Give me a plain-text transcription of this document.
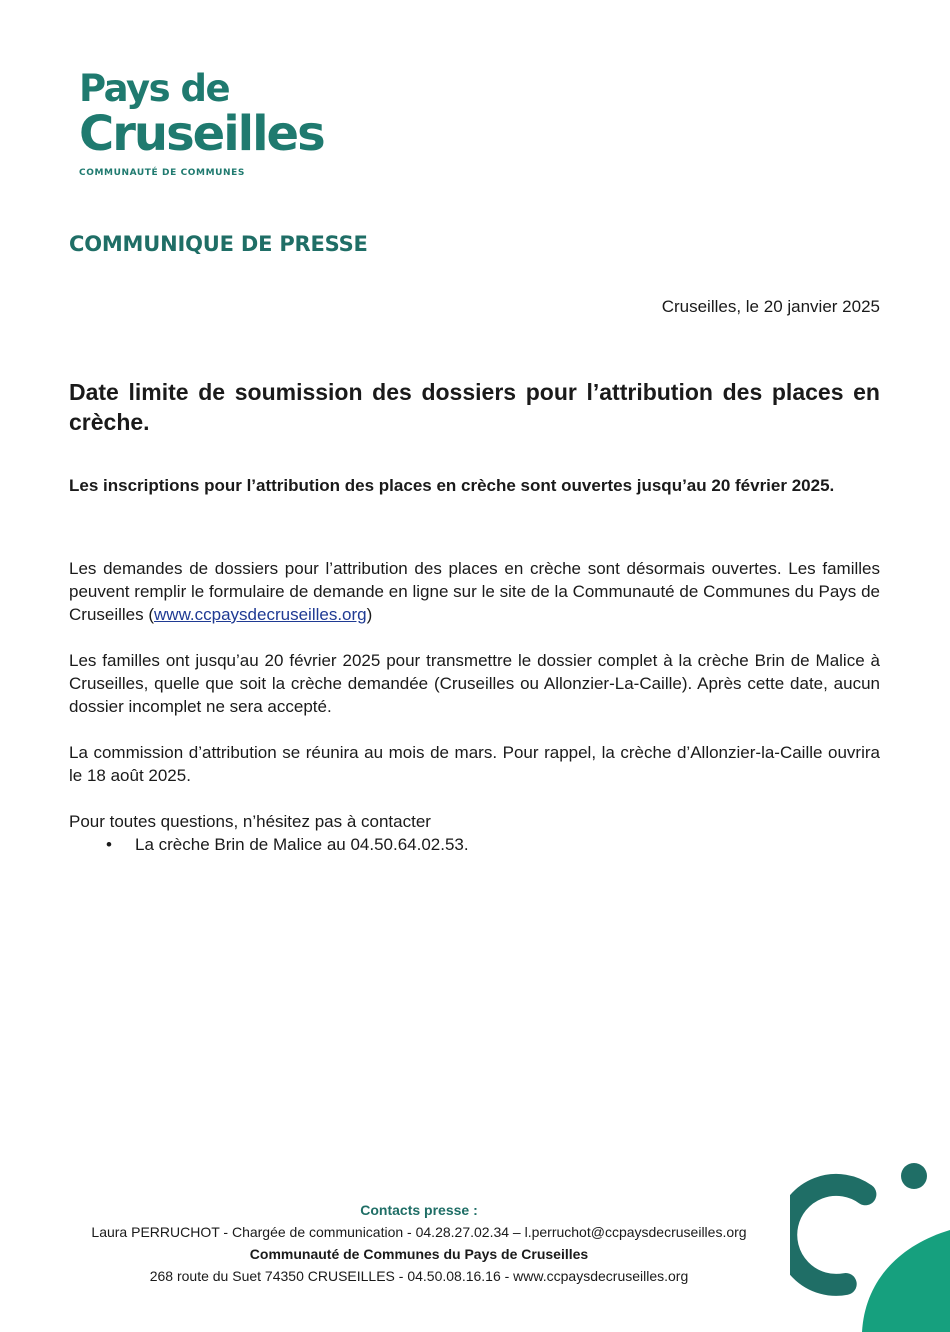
Pays de
Cruseilles
COMMUNAUTÉ DE COMMUNES
COMMUNIQUE DE PRESSE
Cruseilles, le 20 janvier 2025
Date limite de soumission des dossiers pour l’attribution des places en crèche.
Les inscriptions pour l’attribution des places en crèche sont ouvertes jusqu’au 20 février 2025.

Les demandes de dossiers pour l’attribution des places en crèche sont désormais ouvertes. Les familles peuvent remplir le formulaire de demande en ligne sur le site de la Communauté de Communes du Pays de Cruseilles (www.ccpaysdecruseilles.org)

Les familles ont jusqu’au 20 février 2025 pour transmettre le dossier complet à la crèche Brin de Malice à Cruseilles, quelle que soit la crèche demandée (Cruseilles ou Allonzier-La-Caille). Après cette date, aucun dossier incomplet ne sera accepté.

La commission d’attribution se réunira au mois de mars. Pour rappel, la crèche d’Allonzier-la-Caille ouvrira le 18 août 2025.

Pour toutes questions, n’hésitez pas à contacter

• La crèche Brin de Malice au 04.50.64.02.53.
Contacts presse :
Laura PERRUCHOT - Chargée de communication - 04.28.27.02.34 – l.perruchot@ccpaysdecruseilles.org
Communauté de Communes du Pays de Cruseilles
268 route du Suet 74350 CRUSEILLES - 04.50.08.16.16 - www.ccpaysdecruseilles.org
